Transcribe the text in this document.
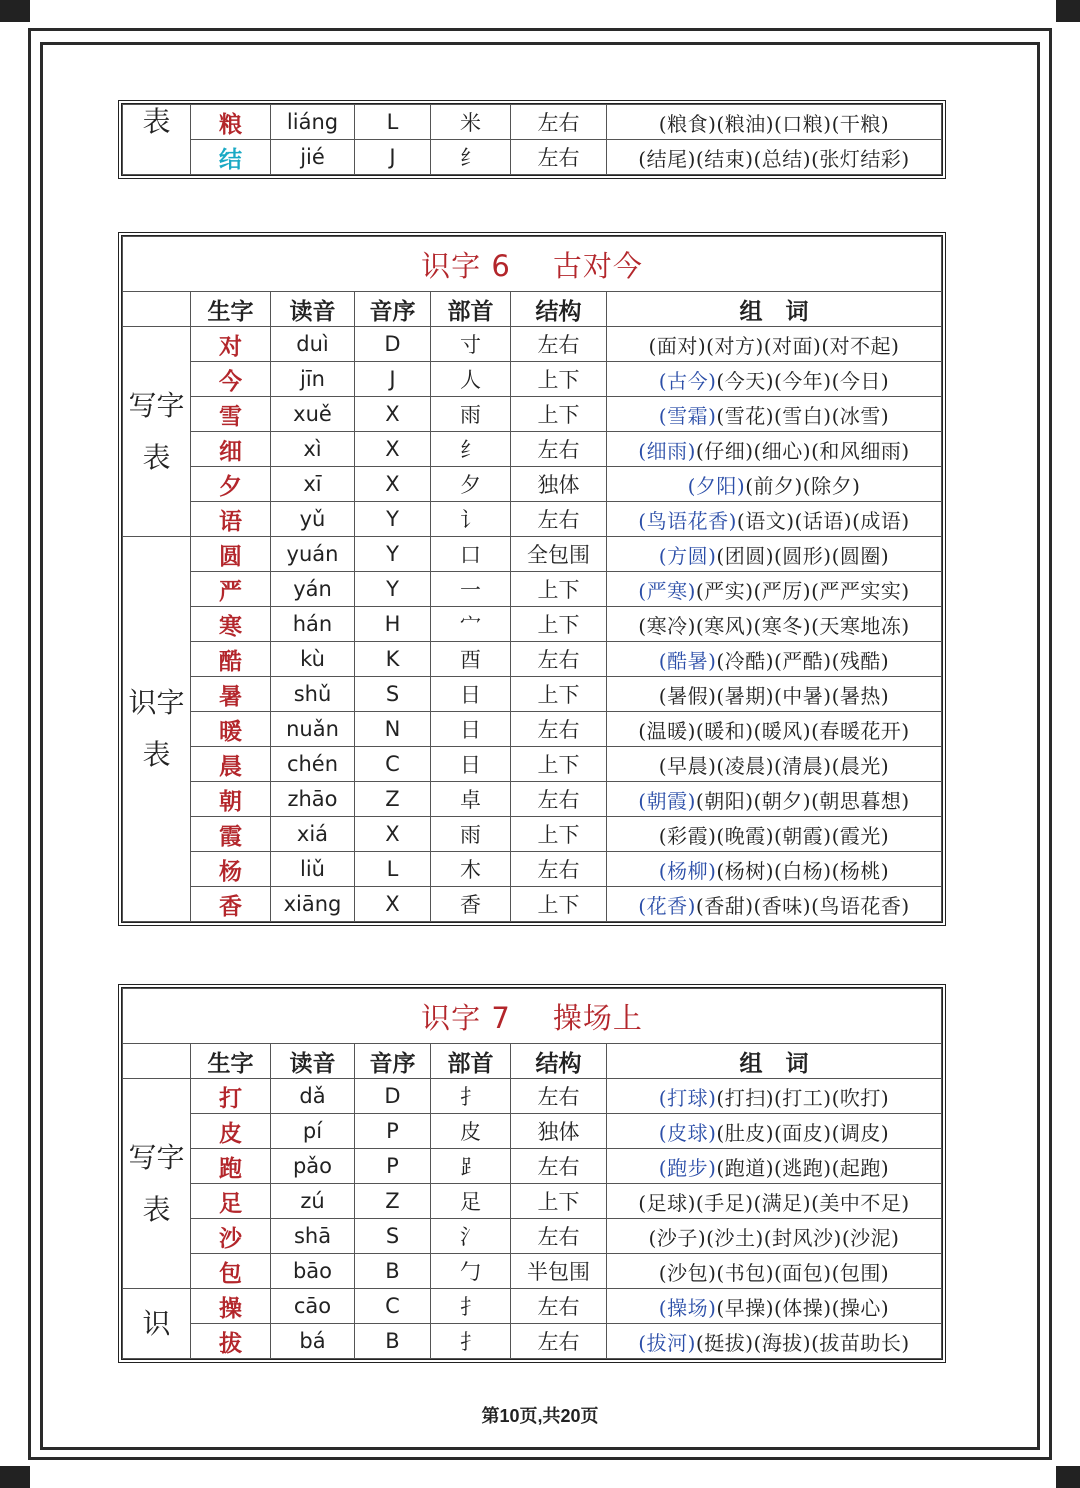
表	粮	liáng	L	米	左右	(粮食)(粮油)(口粮)(干粮)
	结	jié	J	纟	左右	(结尾)(结束)(总结)(张灯结彩)
识字 6 古对今						
	生字	读音	音序	部首	结构	组　词
写字表	对	duì	D	寸	左右	(面对)(对方)(对面)(对不起)
	今	jīn	J	人	上下	(古今)(今天)(今年)(今日)
	雪	xuě	X	雨	上下	(雪霜)(雪花)(雪白)(冰雪)
	细	xì	X	纟	左右	(细雨)(仔细)(细心)(和风细雨)
	夕	xī	X	夕	独体	(夕阳)(前夕)(除夕)
	语	yǔ	Y	讠	左右	(鸟语花香)(语文)(话语)(成语)
识字表	圆	yuán	Y	口	全包围	(方圆)(团圆)(圆形)(圆圈)
	严	yán	Y	一	上下	(严寒)(严实)(严厉)(严严实实)
	寒	hán	H	宀	上下	(寒冷)(寒风)(寒冬)(天寒地冻)
	酷	kù	K	酉	左右	(酷暑)(冷酷)(严酷)(残酷)
	暑	shǔ	S	日	上下	(暑假)(暑期)(中暑)(暑热)
	暖	nuǎn	N	日	左右	(温暖)(暖和)(暖风)(春暖花开)
	晨	chén	C	日	上下	(早晨)(凌晨)(清晨)(晨光)
	朝	zhāo	Z	卓	左右	(朝霞)(朝阳)(朝夕)(朝思暮想)
	霞	xiá	X	雨	上下	(彩霞)(晚霞)(朝霞)(霞光)
	杨	liǔ	L	木	左右	(杨柳)(杨树)(白杨)(杨桃)
	香	xiāng	X	香	上下	(花香)(香甜)(香味)(鸟语花香)
识字 7 操场上						
	生字	读音	音序	部首	结构	组　词
写字表	打	dǎ	D	扌	左右	(打球)(打扫)(打工)(吹打)
	皮	pí	P	皮	独体	(皮球)(肚皮)(面皮)(调皮)
	跑	pǎo	P	⻊	左右	(跑步)(跑道)(逃跑)(起跑)
	足	zú	Z	足	上下	(足球)(手足)(满足)(美中不足)
	沙	shā	S	氵	左右	(沙子)(沙土)(封风沙)(沙泥)
	包	bāo	B	勹	半包围	(沙包)(书包)(面包)(包围)
识	操	cāo	C	扌	左右	(操场)(早操)(体操)(操心)
	拔	bá	B	扌	左右	(拔河)(挺拔)(海拔)(拔苗助长)
第10页,共20页
